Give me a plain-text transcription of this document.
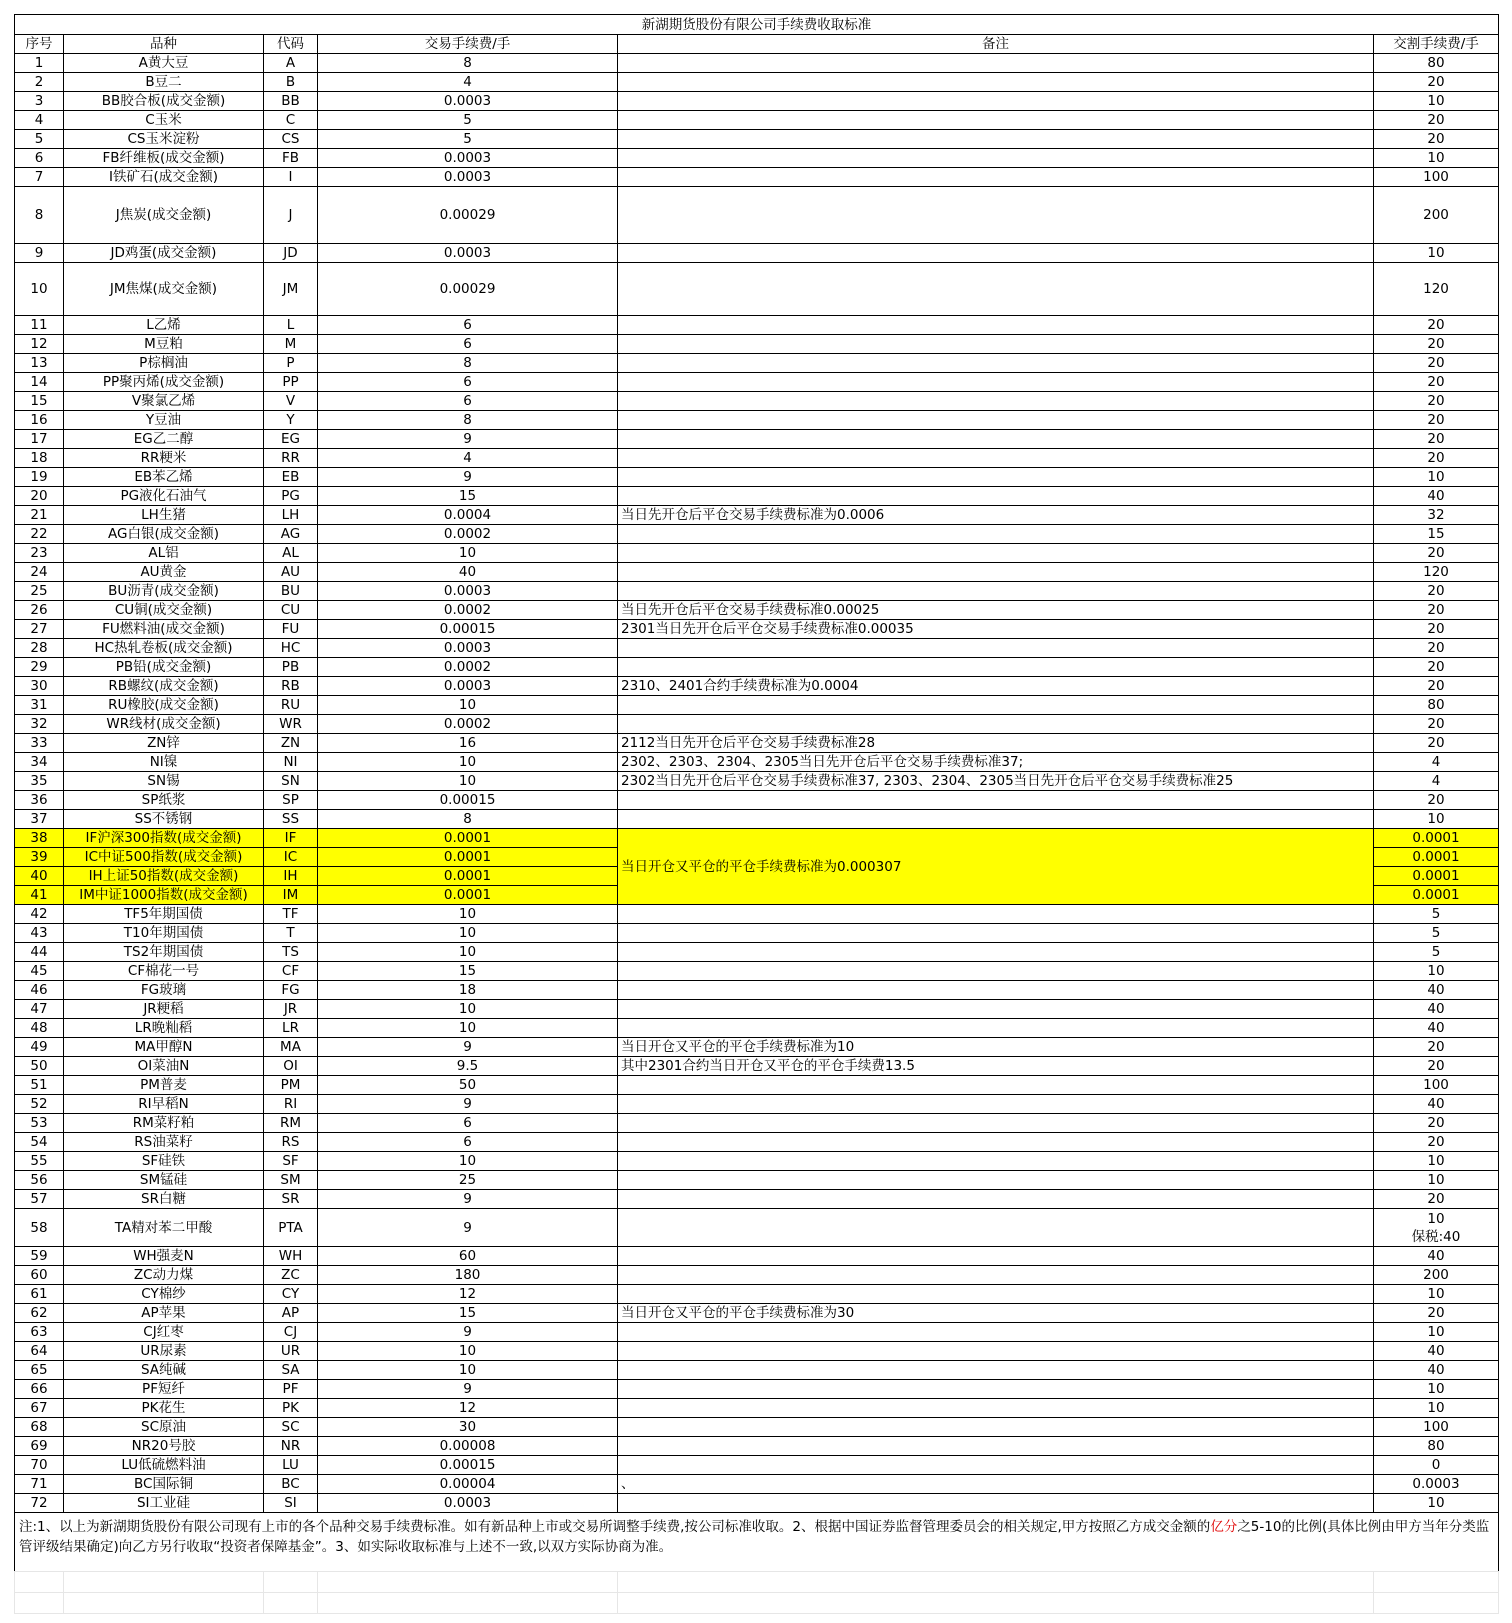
新湖期货股份有限公司手续费收取标准					
序号	品种	代码	交易手续费/手	备注	交割手续费/手
1	A黄大豆	A	8		80
2	B豆二	B	4		20
3	BB胶合板(成交金额)	BB	0.0003		10
4	C玉米	C	5		20
5	CS玉米淀粉	CS	5		20
6	FB纤维板(成交金额)	FB	0.0003		10
7	I铁矿石(成交金额)	I	0.0003		100
8	J焦炭(成交金额)	J	0.00029		200
9	JD鸡蛋(成交金额)	JD	0.0003		10
10	JM焦煤(成交金额)	JM	0.00029		120
11	L乙烯	L	6		20
12	M豆粕	M	6		20
13	P棕榈油	P	8		20
14	PP聚丙烯(成交金额)	PP	6		20
15	V聚氯乙烯	V	6		20
16	Y豆油	Y	8		20
17	EG乙二醇	EG	9		20
18	RR粳米	RR	4		20
19	EB苯乙烯	EB	9		10
20	PG液化石油气	PG	15		40
21	LH生猪	LH	0.0004	当日先开仓后平仓交易手续费标准为0.0006	32
22	AG白银(成交金额)	AG	0.0002		15
23	AL铝	AL	10		20
24	AU黄金	AU	40		120
25	BU沥青(成交金额)	BU	0.0003		20
26	CU铜(成交金额)	CU	0.0002	当日先开仓后平仓交易手续费标准0.00025	20
27	FU燃料油(成交金额)	FU	0.00015	2301当日先开仓后平仓交易手续费标准0.00035	20
28	HC热轧卷板(成交金额)	HC	0.0003		20
29	PB铅(成交金额)	PB	0.0002		20
30	RB螺纹(成交金额)	RB	0.0003	2310、2401合约手续费标准为0.0004	20
31	RU橡胶(成交金额)	RU	10		80
32	WR线材(成交金额)	WR	0.0002		20
33	ZN锌	ZN	16	2112当日先开仓后平仓交易手续费标准28	20
34	NI镍	NI	10	2302、2303、2304、2305当日先开仓后平仓交易手续费标准37;	4
35	SN锡	SN	10	2302当日先开仓后平仓交易手续费标准37, 2303、2304、2305当日先开仓后平仓交易手续费标准25	4
36	SP纸浆	SP	0.00015		20
37	SS不锈钢	SS	8		10
38	IF沪深300指数(成交金额)	IF	0.0001	当日开仓又平仓的平仓手续费标准为0.000307	0.0001
39	IC中证500指数(成交金额)	IC	0.0001		0.0001
40	IH上证50指数(成交金额)	IH	0.0001		0.0001
41	IM中证1000指数(成交金额)	IM	0.0001		0.0001
42	TF5年期国债	TF	10		5
43	T10年期国债	T	10		5
44	TS2年期国债	TS	10		5
45	CF棉花一号	CF	15		10
46	FG玻璃	FG	18		40
47	JR粳稻	JR	10		40
48	LR晚籼稻	LR	10		40
49	MA甲醇N	MA	9	当日开仓又平仓的平仓手续费标准为10	20
50	OI菜油N	OI	9.5	其中2301合约当日开仓又平仓的平仓手续费13.5	20
51	PM普麦	PM	50		100
52	RI早稻N	RI	9		40
53	RM菜籽粕	RM	6		20
54	RS油菜籽	RS	6		20
55	SF硅铁	SF	10		10
56	SM锰硅	SM	25		10
57	SR白糖	SR	9		20
58	TA精对苯二甲酸	PTA	9		10
保税:40

59	WH强麦N	WH	60		40
60	ZC动力煤	ZC	180		200
61	CY棉纱	CY	12		10
62	AP苹果	AP	15	当日开仓又平仓的平仓手续费标准为30	20
63	CJ红枣	CJ	9		10
64	UR尿素	UR	10		40
65	SA纯碱	SA	10		40
66	PF短纤	PF	9		10
67	PK花生	PK	12		10
68	SC原油	SC	30		100
69	NR20号胶	NR	0.00008		80
70	LU低硫燃料油	LU	0.00015		0
71	BC国际铜	BC	0.00004	、	0.0003
72	SI工业硅	SI	0.0003		10
注:1、以上为新湖期货股份有限公司现有上市的各个品种交易手续费标准。如有新品种上市或交易所调整手续费,按公司标准收取。2、根据中国证券监督管理委员会的相关规定,甲方按照乙方成交金额的亿分之5-10的比例(具体比例由甲方当年分类监管评级结果确定)向乙方另行收取“投资者保障基金”。3、如实际收取标准与上述不一致,以双方实际协商为准。					
